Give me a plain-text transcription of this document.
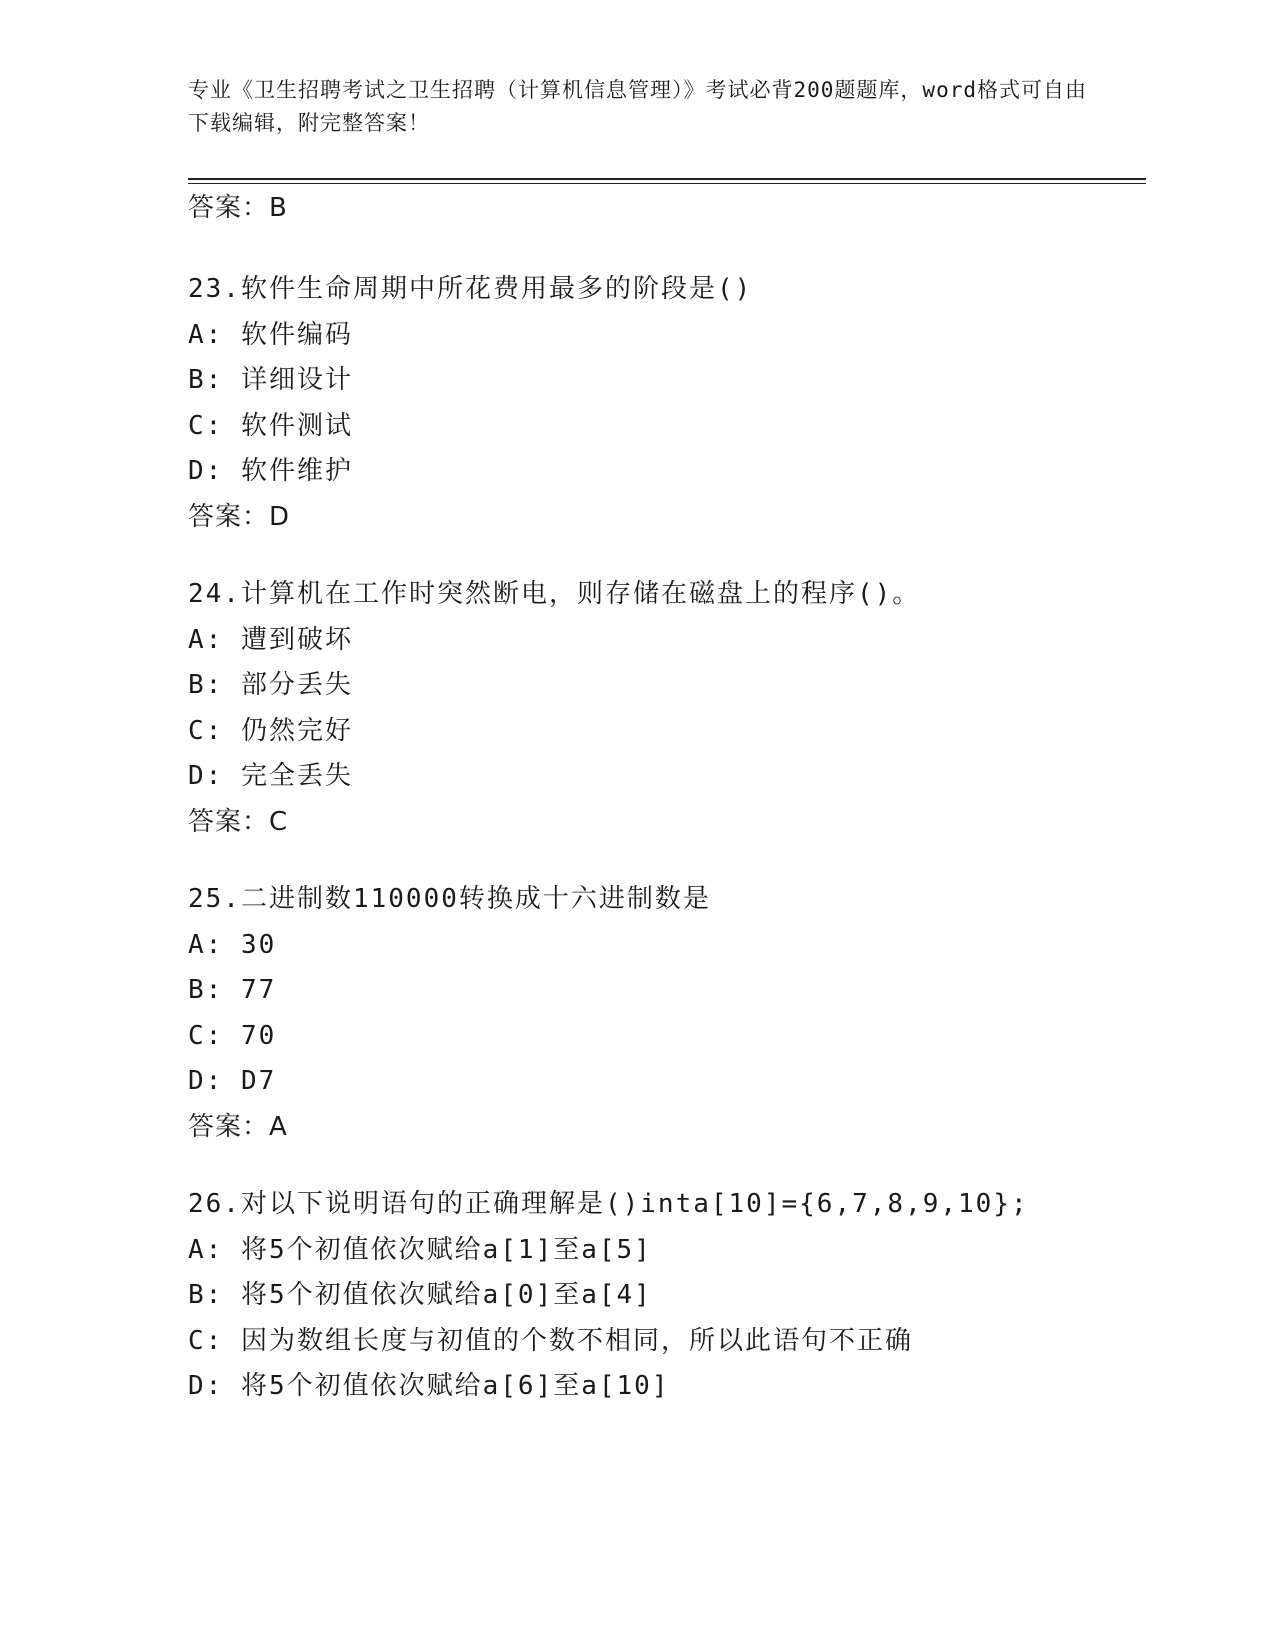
专业《卫生招聘考试之卫生招聘（计算机信息管理）》考试必背200题题库，word格式可自由下载编辑，附完整答案！
答案：B
23.软件生命周期中所花费用最多的阶段是()
A: 软件编码
B: 详细设计
C: 软件测试
D: 软件维护
答案：D
24.计算机在工作时突然断电，则存储在磁盘上的程序()。
A: 遭到破坏
B: 部分丢失
C: 仍然完好
D: 完全丢失
答案：C
25.二进制数110000转换成十六进制数是
A: 30
B: 77
C: 70
D: D7
答案：A
26.对以下说明语句的正确理解是()inta[10]={6,7,8,9,10};
A: 将5个初值依次赋给a[1]至a[5]
B: 将5个初值依次赋给a[0]至a[4]
C: 因为数组长度与初值的个数不相同，所以此语句不正确
D: 将5个初值依次赋给a[6]至a[10]
